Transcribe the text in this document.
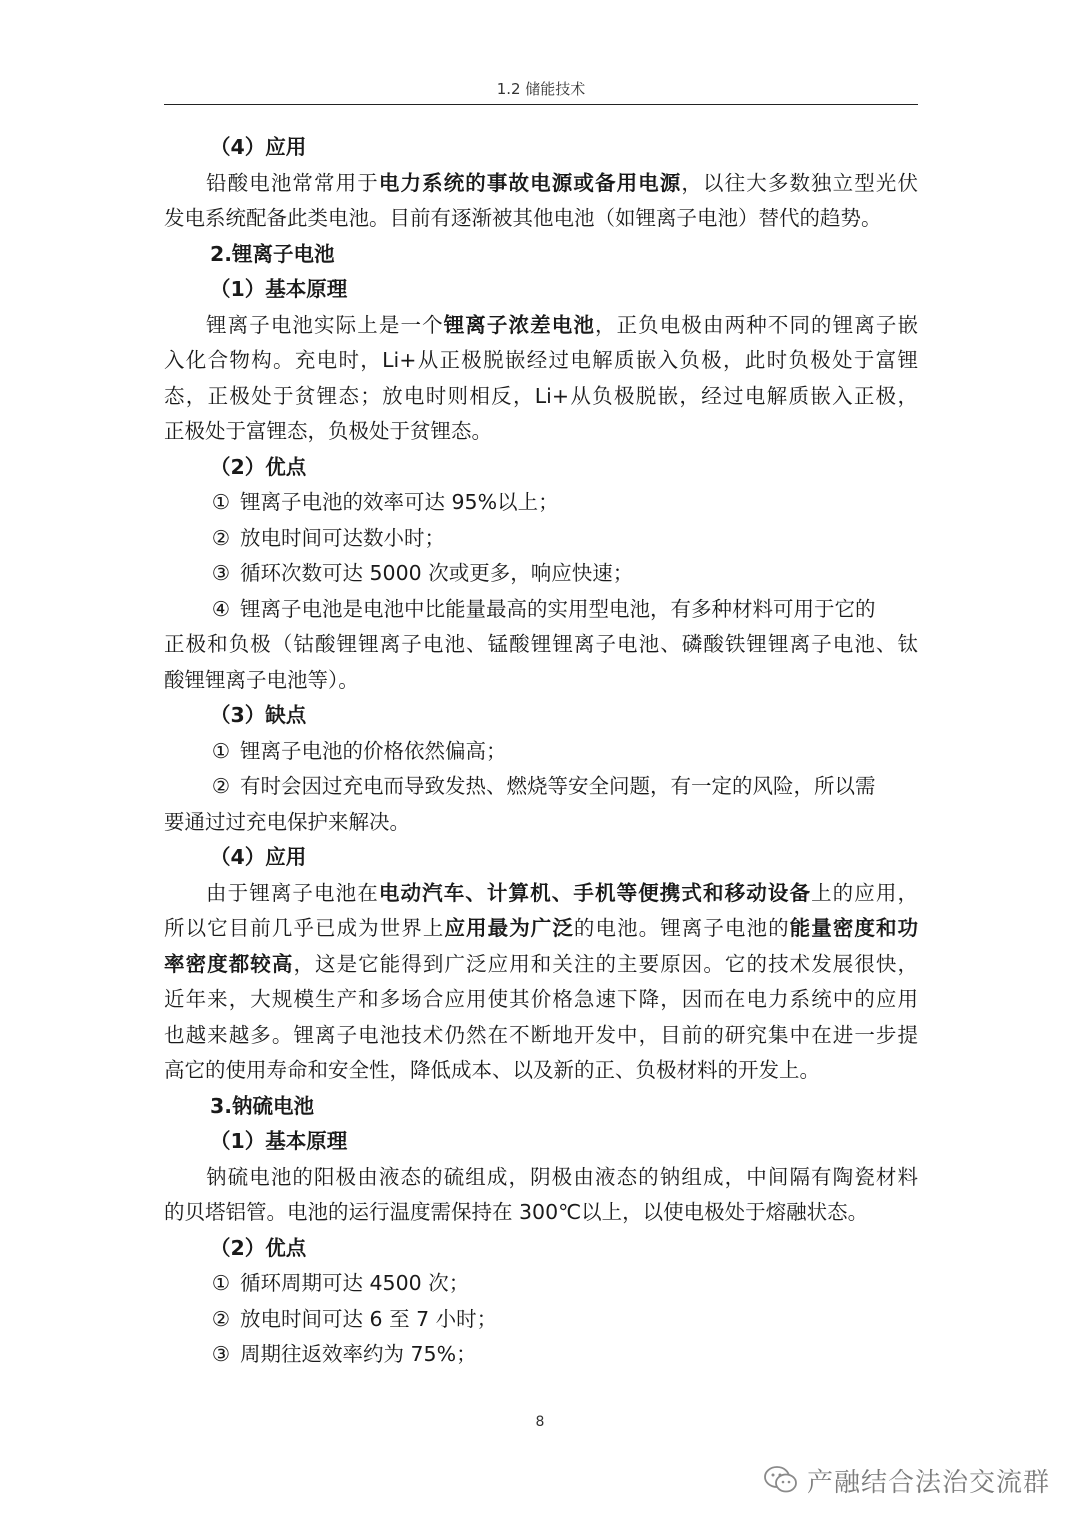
1.2 储能技术
（4）应用
铅酸电池常常用于电力系统的事故电源或备用电源，以往大多数独立型光伏
发电系统配备此类电池。目前有逐渐被其他电池（如锂离子电池）替代的趋势。
2.锂离子电池
（1）基本原理
锂离子电池实际上是一个锂离子浓差电池，正负电极由两种不同的锂离子嵌
入化合物构。充电时，Li+从正极脱嵌经过电解质嵌入负极，此时负极处于富锂
态，正极处于贫锂态；放电时则相反，Li+从负极脱嵌，经过电解质嵌入正极，
正极处于富锂态，负极处于贫锂态。
（2）优点
① 锂离子电池的效率可达 95%以上；
② 放电时间可达数小时；
③ 循环次数可达 5000 次或更多，响应快速；
④ 锂离子电池是电池中比能量最高的实用型电池，有多种材料可用于它的
正极和负极（钴酸锂锂离子电池、锰酸锂锂离子电池、磷酸铁锂锂离子电池、钛
酸锂锂离子电池等）。
（3）缺点
① 锂离子电池的价格依然偏高；
② 有时会因过充电而导致发热、燃烧等安全问题，有一定的风险，所以需
要通过过充电保护来解决。
（4）应用
由于锂离子电池在电动汽车、计算机、手机等便携式和移动设备上的应用，
所以它目前几乎已成为世界上应用最为广泛的电池。锂离子电池的能量密度和功
率密度都较高，这是它能得到广泛应用和关注的主要原因。它的技术发展很快，
近年来，大规模生产和多场合应用使其价格急速下降，因而在电力系统中的应用
也越来越多。锂离子电池技术仍然在不断地开发中，目前的研究集中在进一步提
高它的使用寿命和安全性，降低成本、以及新的正、负极材料的开发上。
3.钠硫电池
（1）基本原理
钠硫电池的阳极由液态的硫组成，阴极由液态的钠组成，中间隔有陶瓷材料
的贝塔铝管。电池的运行温度需保持在 300℃以上，以使电极处于熔融状态。
（2）优点
① 循环周期可达 4500 次；
② 放电时间可达 6 至 7 小时；
③ 周期往返效率约为 75%；
8
产融结合法治交流群
